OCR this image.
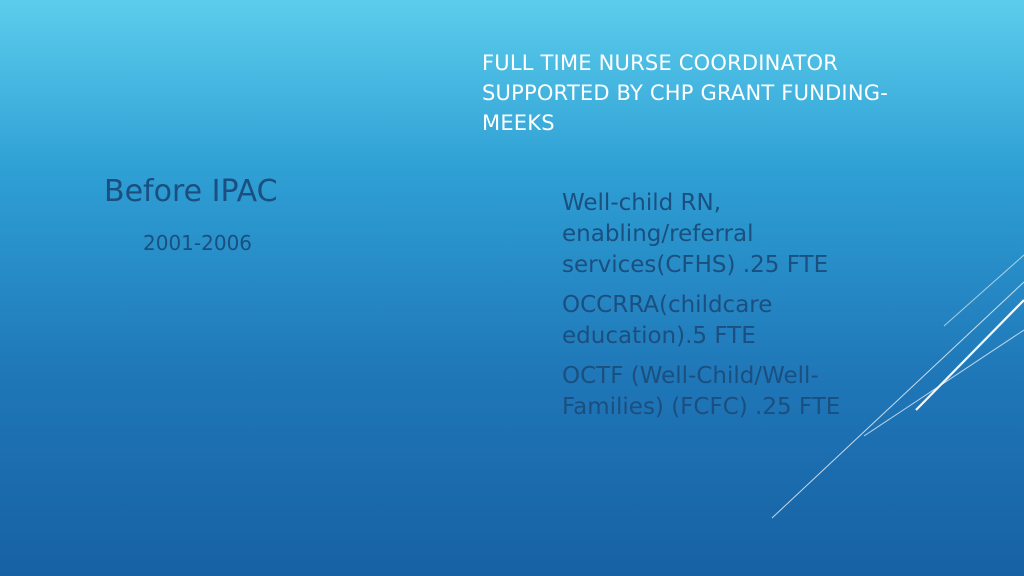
FULL TIME NURSE COORDINATOR SUPPORTED BY CHP GRANT FUNDING-MEEKS
Before IPAC
2001-2006
Well-child RN, enabling/referral services(CFHS) .25 FTE
OCCRRA(childcare education).5 FTE
OCTF (Well-Child/Well-Families) (FCFC) .25 FTE
